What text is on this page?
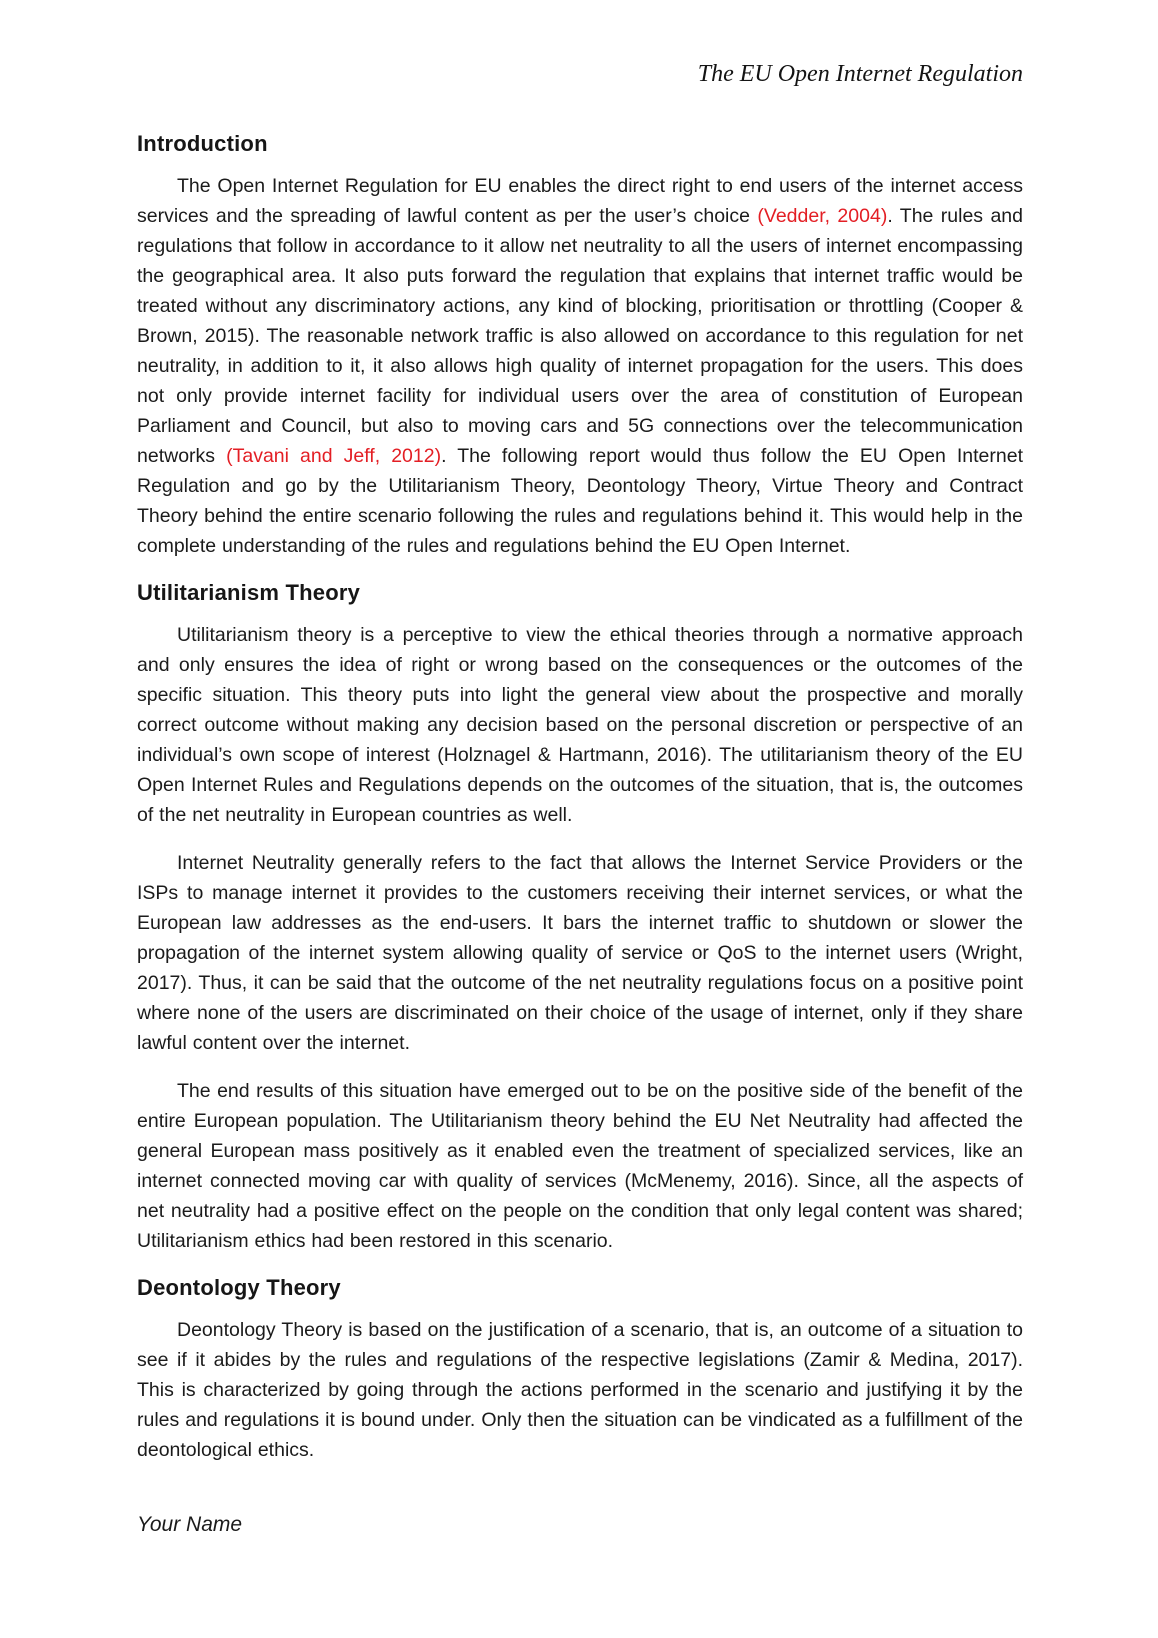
The EU Open Internet Regulation
Introduction

The Open Internet Regulation for EU enables the direct right to end users of the internet access services and the spreading of lawful content as per the user’s choice (Vedder, 2004). The rules and regulations that follow in accordance to it allow net neutrality to all the users of internet encompassing the geographical area. It also puts forward the regulation that explains that internet traffic would be treated without any discriminatory actions, any kind of blocking, prioritisation or throttling (Cooper & Brown, 2015). The reasonable network traffic is also allowed on accordance to this regulation for net neutrality, in addition to it, it also allows high quality of internet propagation for the users. This does not only provide internet facility for individual users over the area of constitution of European Parliament and Council, but also to moving cars and 5G connections over the telecommunication networks (Tavani and Jeff, 2012). The following report would thus follow the EU Open Internet Regulation and go by the Utilitarianism Theory, Deontology Theory, Virtue Theory and Contract Theory behind the entire scenario following the rules and regulations behind it. This would help in the complete understanding of the rules and regulations behind the EU Open Internet.

Utilitarianism Theory

Utilitarianism theory is a perceptive to view the ethical theories through a normative approach and only ensures the idea of right or wrong based on the consequences or the outcomes of the specific situation. This theory puts into light the general view about the prospective and morally correct outcome without making any decision based on the personal discretion or perspective of an individual’s own scope of interest (Holznagel & Hartmann, 2016). The utilitarianism theory of the EU Open Internet Rules and Regulations depends on the outcomes of the situation, that is, the outcomes of the net neutrality in European countries as well.

Internet Neutrality generally refers to the fact that allows the Internet Service Providers or the ISPs to manage internet it provides to the customers receiving their internet services, or what the European law addresses as the end-users. It bars the internet traffic to shutdown or slower the propagation of the internet system allowing quality of service or QoS to the internet users (Wright, 2017). Thus, it can be said that the outcome of the net neutrality regulations focus on a positive point where none of the users are discriminated on their choice of the usage of internet, only if they share lawful content over the internet.

The end results of this situation have emerged out to be on the positive side of the benefit of the entire European population. The Utilitarianism theory behind the EU Net Neutrality had affected the general European mass positively as it enabled even the treatment of specialized services, like an internet connected moving car with quality of services (McMenemy, 2016). Since, all the aspects of net neutrality had a positive effect on the people on the condition that only legal content was shared; Utilitarianism ethics had been restored in this scenario.

Deontology Theory

Deontology Theory is based on the justification of a scenario, that is, an outcome of a situation to see if it abides by the rules and regulations of the respective legislations (Zamir & Medina, 2017). This is characterized by going through the actions performed in the scenario and justifying it by the rules and regulations it is bound under. Only then the situation can be vindicated as a fulfillment of the deontological ethics.

Your Name
